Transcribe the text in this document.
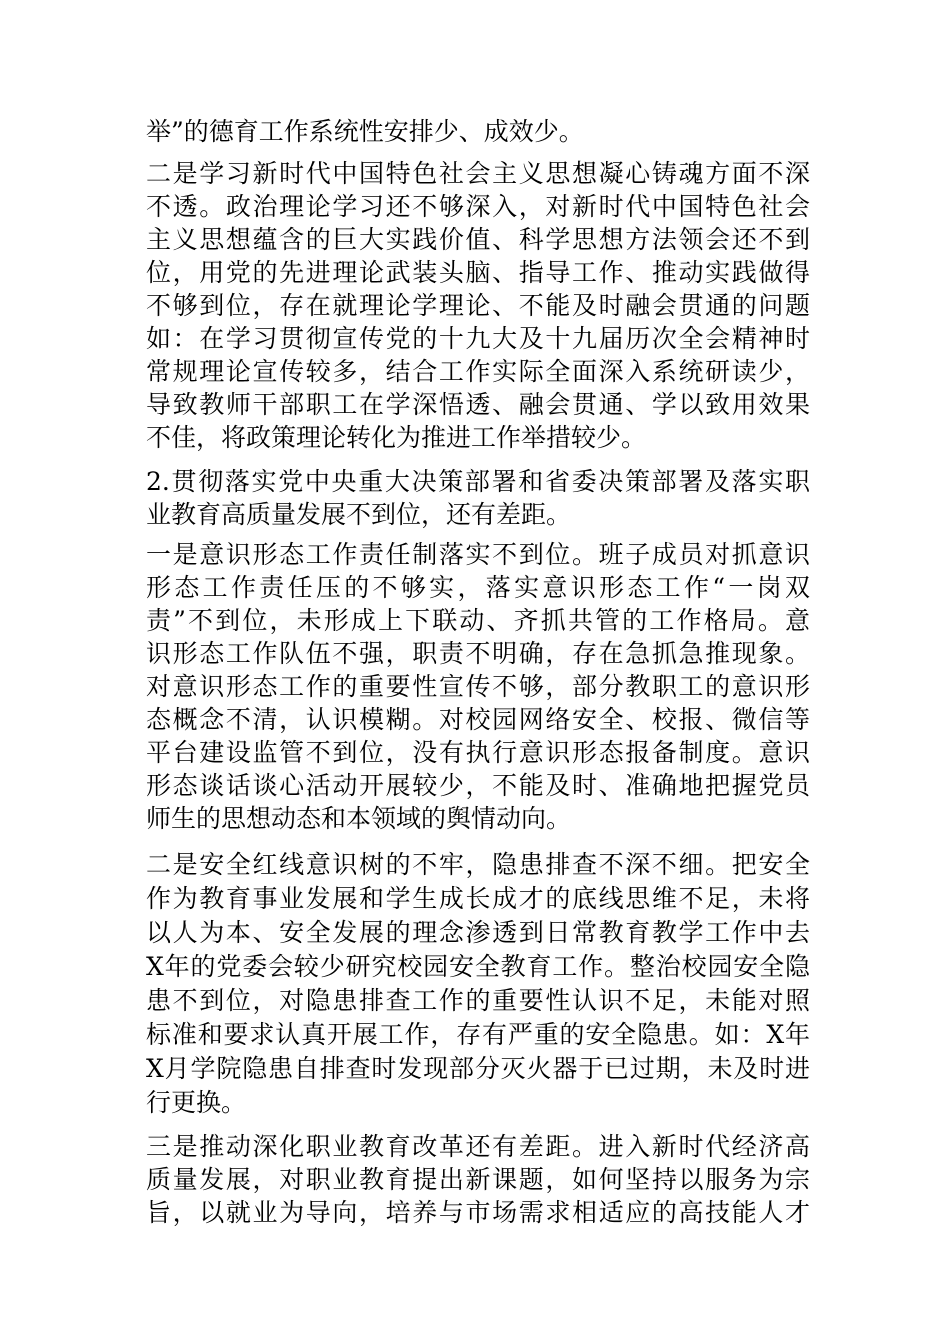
举”的德育工作系统性安排少、成效少。
二是学习新时代中国特色社会主义思想凝心铸魂方面不深
不透。政治理论学习还不够深入，对新时代中国特色社会
主义思想蕴含的巨大实践价值、科学思想方法领会还不到
位，用党的先进理论武装头脑、指导工作、推动实践做得
不够到位，存在就理论学理论、不能及时融会贯通的问题
如：在学习贯彻宣传党的十九大及十九届历次全会精神时
常规理论宣传较多，结合工作实际全面深入系统研读少，
导致教师干部职工在学深悟透、融会贯通、学以致用效果
不佳，将政策理论转化为推进工作举措较少。
2.贯彻落实党中央重大决策部署和省委决策部署及落实职
业教育高质量发展不到位，还有差距。
一是意识形态工作责任制落实不到位。班子成员对抓意识
形态工作责任压的不够实，落实意识形态工作“一岗双
责”不到位，未形成上下联动、齐抓共管的工作格局。意
识形态工作队伍不强，职责不明确，存在急抓急推现象。
对意识形态工作的重要性宣传不够，部分教职工的意识形
态概念不清，认识模糊。对校园网络安全、校报、微信等
平台建设监管不到位，没有执行意识形态报备制度。意识
形态谈话谈心活动开展较少，不能及时、准确地把握党员
师生的思想动态和本领域的舆情动向。
二是安全红线意识树的不牢，隐患排查不深不细。把安全
作为教育事业发展和学生成长成才的底线思维不足，未将
以人为本、安全发展的理念渗透到日常教育教学工作中去
X年的党委会较少研究校园安全教育工作。整治校园安全隐
患不到位，对隐患排查工作的重要性认识不足，未能对照
标准和要求认真开展工作，存有严重的安全隐患。如：X年
X月学院隐患自排查时发现部分灭火器于已过期，未及时进
行更换。
三是推动深化职业教育改革还有差距。进入新时代经济高
质量发展，对职业教育提出新课题，如何坚持以服务为宗
旨，以就业为导向，培养与市场需求相适应的高技能人才
